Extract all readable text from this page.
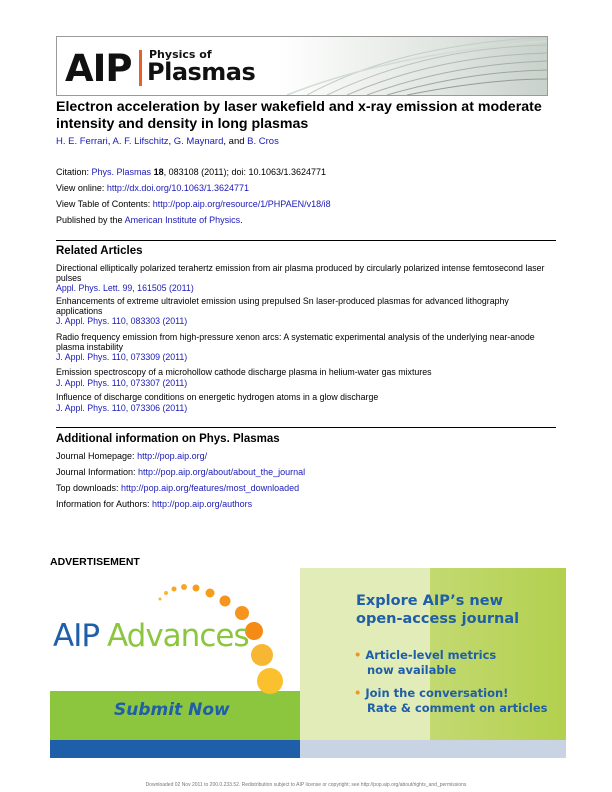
AIP Physics of
Plasmas
Electron acceleration by laser wakefield and x-ray emission at moderate intensity and density in long plasmas
H. E. Ferrari, A. F. Lifschitz, G. Maynard, and B. Cros
Citation: Phys. Plasmas 18, 083108 (2011); doi: 10.1063/1.3624771
View online: http://dx.doi.org/10.1063/1.3624771
View Table of Contents: http://pop.aip.org/resource/1/PHPAEN/v18/i8
Published by the American Institute of Physics.
Related Articles
Directional elliptically polarized terahertz emission from air plasma produced by circularly polarized intense femtosecond laser pulses
Appl. Phys. Lett. 99, 161505 (2011)
Enhancements of extreme ultraviolet emission using prepulsed Sn laser-produced plasmas for advanced lithography applications
J. Appl. Phys. 110, 083303 (2011)
Radio frequency emission from high-pressure xenon arcs: A systematic experimental analysis of the underlying near-anode plasma instability
J. Appl. Phys. 110, 073309 (2011)
Emission spectroscopy of a microhollow cathode discharge plasma in helium-water gas mixtures
J. Appl. Phys. 110, 073307 (2011)
Influence of discharge conditions on energetic hydrogen atoms in a glow discharge
J. Appl. Phys. 110, 073306 (2011)
Additional information on Phys. Plasmas
Journal Homepage: http://pop.aip.org/
Journal Information: http://pop.aip.org/about/about_the_journal
Top downloads: http://pop.aip.org/features/most_downloaded
Information for Authors: http://pop.aip.org/authors
ADVERTISEMENT
AIP Advances
Submit Now
Explore AIP’s new
open-access journal
• Article-level metrics
now available
• Join the conversation!
Rate & comment on articles
Downloaded 02 Nov 2011 to 200.0.233.52. Redistribution subject to AIP license or copyright; see http://pop.aip.org/about/rights_and_permissions
